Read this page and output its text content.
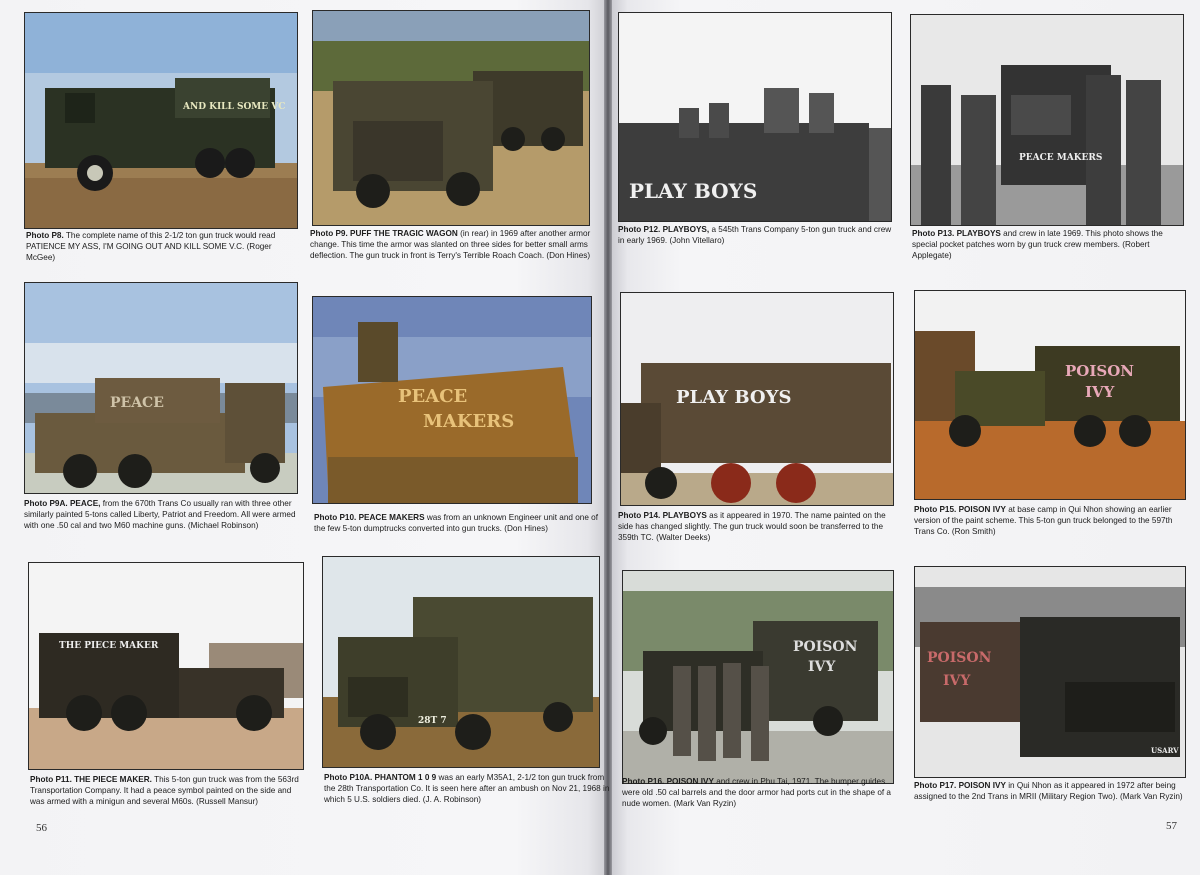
AND KILL SOME VC
Photo P8. The complete name of this 2-1/2 ton gun truck would read PATIENCE MY ASS, I'M GOING OUT AND KILL SOME V.C. (Roger McGee)
Photo P9. PUFF THE TRAGIC WAGON (in rear) in 1969 after another armor change. This time the armor was slanted on three sides for better small arms deflection. The gun truck in front is Terry's Terrible Roach Coach. (Don Hines)
PLAY BOYS
Photo P12. PLAYBOYS, a 545th Trans Company 5-ton gun truck and crew in early 1969. (John Vitellaro)
PEACE MAKERS
Photo P13. PLAYBOYS and crew in late 1969. This photo shows the special pocket patches worn by gun truck crew members. (Robert Applegate)
PEACE
Photo P9A. PEACE, from the 670th Trans Co usually ran with three other similarly painted 5-tons called Liberty, Patriot and Freedom. All were armed with one .50 cal and two M60 machine guns. (Michael Robinson)
PEACE
MAKERS
Photo P10. PEACE MAKERS was from an unknown Engineer unit and one of the few 5-ton dumptrucks converted into gun trucks. (Don Hines)
PLAY BOYS
Photo P14. PLAYBOYS as it appeared in 1970. The name painted on the side has changed slightly. The gun truck would soon be transferred to the 359th TC. (Walter Deeks)
POISON
IVY
Photo P15. POISON IVY at base camp in Qui Nhon showing an earlier version of the paint scheme. This 5-ton gun truck belonged to the 597th Trans Co. (Ron Smith)
THE PIECE MAKER
Photo P11. THE PIECE MAKER. This 5-ton gun truck was from the 563rd Transportation Company. It had a peace symbol painted on the side and was armed with a minigun and several M60s. (Russell Mansur)
28T 7
Photo P10A. PHANTOM 1 0 9 was an early M35A1, 2-1/2 ton gun truck from the 28th Transportation Co. It is seen here after an ambush on Nov 21, 1968 in which 5 U.S. soldiers died. (J. A. Robinson)
POISON
IVY
Photo P16. POISON IVY and crew in Phu Tai, 1971. The bumper guides were old .50 cal barrels and the door armor had ports cut in the shape of a nude women. (Mark Van Ryzin)
POISON
IVY
USARV
Photo P17. POISON IVY in Qui Nhon as it appeared in 1972 after being assigned to the 2nd Trans in MRII (Military Region Two). (Mark Van Ryzin)
56	57
